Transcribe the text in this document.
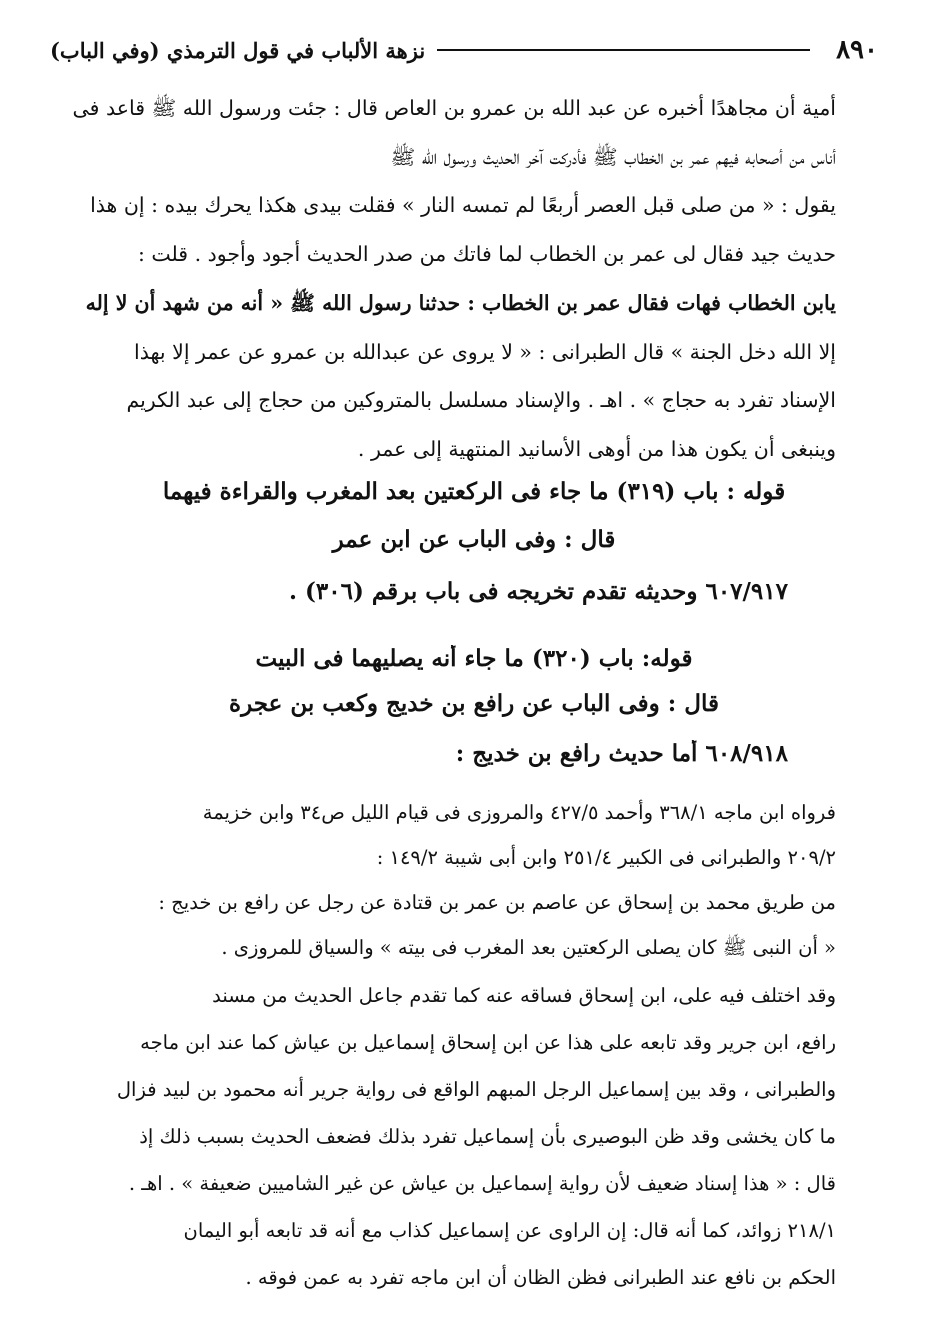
٨٩٠
نزهة الألباب في قول الترمذي (وفي الباب)
أمية أن مجاهدًا أخبره عن عبد الله بن عمرو بن العاص قال : جئت ورسول الله ﷺ قاعد فى
أناس من أصحابه فيهم عمر بن الخطاب ﷺ فأدركت آخر الحديث ورسول الله ﷺ
يقول : « من صلى قبل العصر أربعًا لم تمسه النار » فقلت بيدى هكذا يحرك بيده : إن هذا
حديث جيد فقال لى عمر بن الخطاب لما فاتك من صدر الحديث أجود وأجود . قلت :
يابن الخطاب فهات فقال عمر بن الخطاب : حدثنا رسول الله ﷺ « أنه من شهد أن لا إله
إلا الله دخل الجنة » قال الطبرانى : « لا يروى عن عبدالله بن عمرو عن عمر إلا بهذا
الإسناد تفرد به حجاج » . اهـ . والإسناد مسلسل بالمتروكين من حجاج إلى عبد الكريم
وينبغى أن يكون هذا من أوهى الأسانيد المنتهية إلى عمر .
قوله : باب (٣١٩) ما جاء فى الركعتين بعد المغرب والقراءة فيهما
قال : وفى الباب عن ابن عمر
٦٠٧/٩١٧ وحديثه تقدم تخريجه فى باب برقم (٣٠٦) .
قوله: باب (٣٢٠) ما جاء أنه يصليهما فى البيت
قال : وفى الباب عن رافع بن خديج وكعب بن عجرة
٦٠٨/٩١٨ أما حديث رافع بن خديج :
فرواه ابن ماجه ٣٦٨/١ وأحمد ٤٢٧/٥ والمروزى فى قيام الليل ص٣٤ وابن خزيمة
٢٠٩/٢ والطبرانى فى الكبير ٢٥١/٤ وابن أبى شيبة ١٤٩/٢ :
من طريق محمد بن إسحاق عن عاصم بن عمر بن قتادة عن رجل عن رافع بن خديج :
« أن النبى ﷺ كان يصلى الركعتين بعد المغرب فى بيته » والسياق للمروزى .
وقد اختلف فيه على، ابن إسحاق فساقه عنه كما تقدم جاعل الحديث من مسند
رافع، ابن جرير وقد تابعه على هذا عن ابن إسحاق إسماعيل بن عياش كما عند ابن ماجه
والطبرانى ، وقد بين إسماعيل الرجل المبهم الواقع فى رواية جرير أنه محمود بن لبيد فزال
ما كان يخشى وقد ظن البوصيرى بأن إسماعيل تفرد بذلك فضعف الحديث بسبب ذلك إذ
قال : « هذا إسناد ضعيف لأن رواية إسماعيل بن عياش عن غير الشاميين ضعيفة » . اهـ .
٢١٨/١ زوائد، كما أنه قال: إن الراوى عن إسماعيل كذاب مع أنه قد تابعه أبو اليمان
الحكم بن نافع عند الطبرانى فظن الظان أن ابن ماجه تفرد به عمن فوقه .
